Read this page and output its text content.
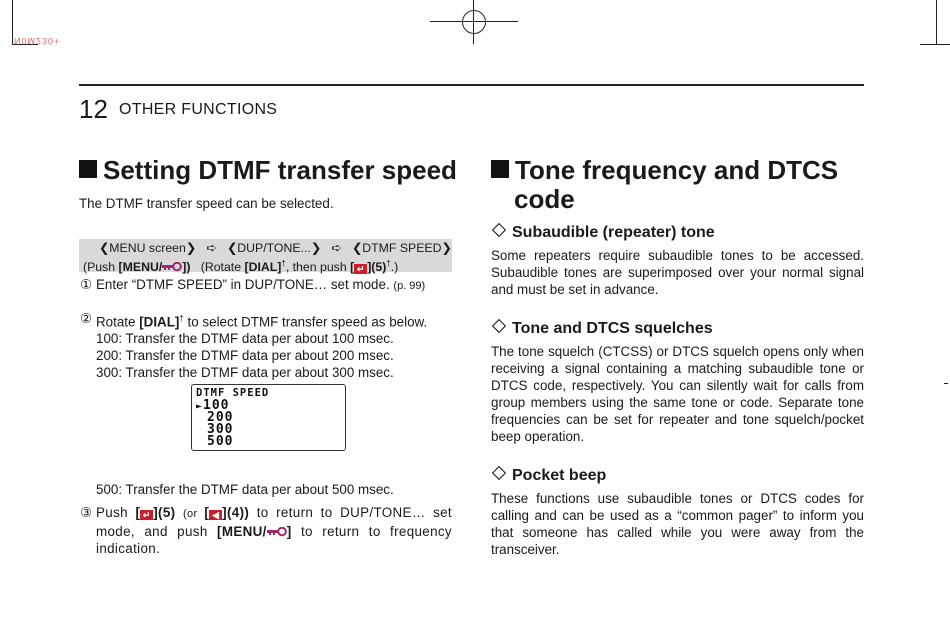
N0M230+
12 OTHER FUNCTIONS
Setting DTMF transfer speed

The DTMF transfer speed can be selected.

❮MENU screen❯ ➪ ❮DUP/TONE...❯ ➪ ❮DTMF SPEED❯
(Push [MENU/ ]) (Rotate [DIAL]†, then push [ ↵ ](5)†.)
① Enter “DTMF SPEED” in DUP/TONE… set mode. (p. 99)
② Rotate [DIAL]† to select DTMF transfer speed as below.
100: Transfer the DTMF data per about 100 msec.
200: Transfer the DTMF data per about 200 msec.
300: Transfer the DTMF data per about 300 msec.
DTMF SPEED
►100
200
300
500
500: Transfer the DTMF data per about 500 msec.
③ Push [ ↵ ](5) (or [ ◀ ](4)) to return to DUP/TONE… set mode, and push [MENU/ ] to return to frequency indication.
Tone frequency and DTCS
code
Subaudible (repeater) tone

Some repeaters require subaudible tones to be accessed. Subaudible tones are superimposed over your normal signal and must be set in advance.

Tone and DTCS squelches

The tone squelch (CTCSS) or DTCS squelch opens only when receiving a signal containing a matching subaudible tone or DTCS code, respectively. You can silently wait for calls from group members using the same tone or code. Separate tone frequencies can be set for repeater and tone squelch/pocket beep operation.

Pocket beep

These functions use subaudible tones or DTCS codes for calling and can be used as a “common pager” to inform you that someone has called while you were away from the transceiver.
